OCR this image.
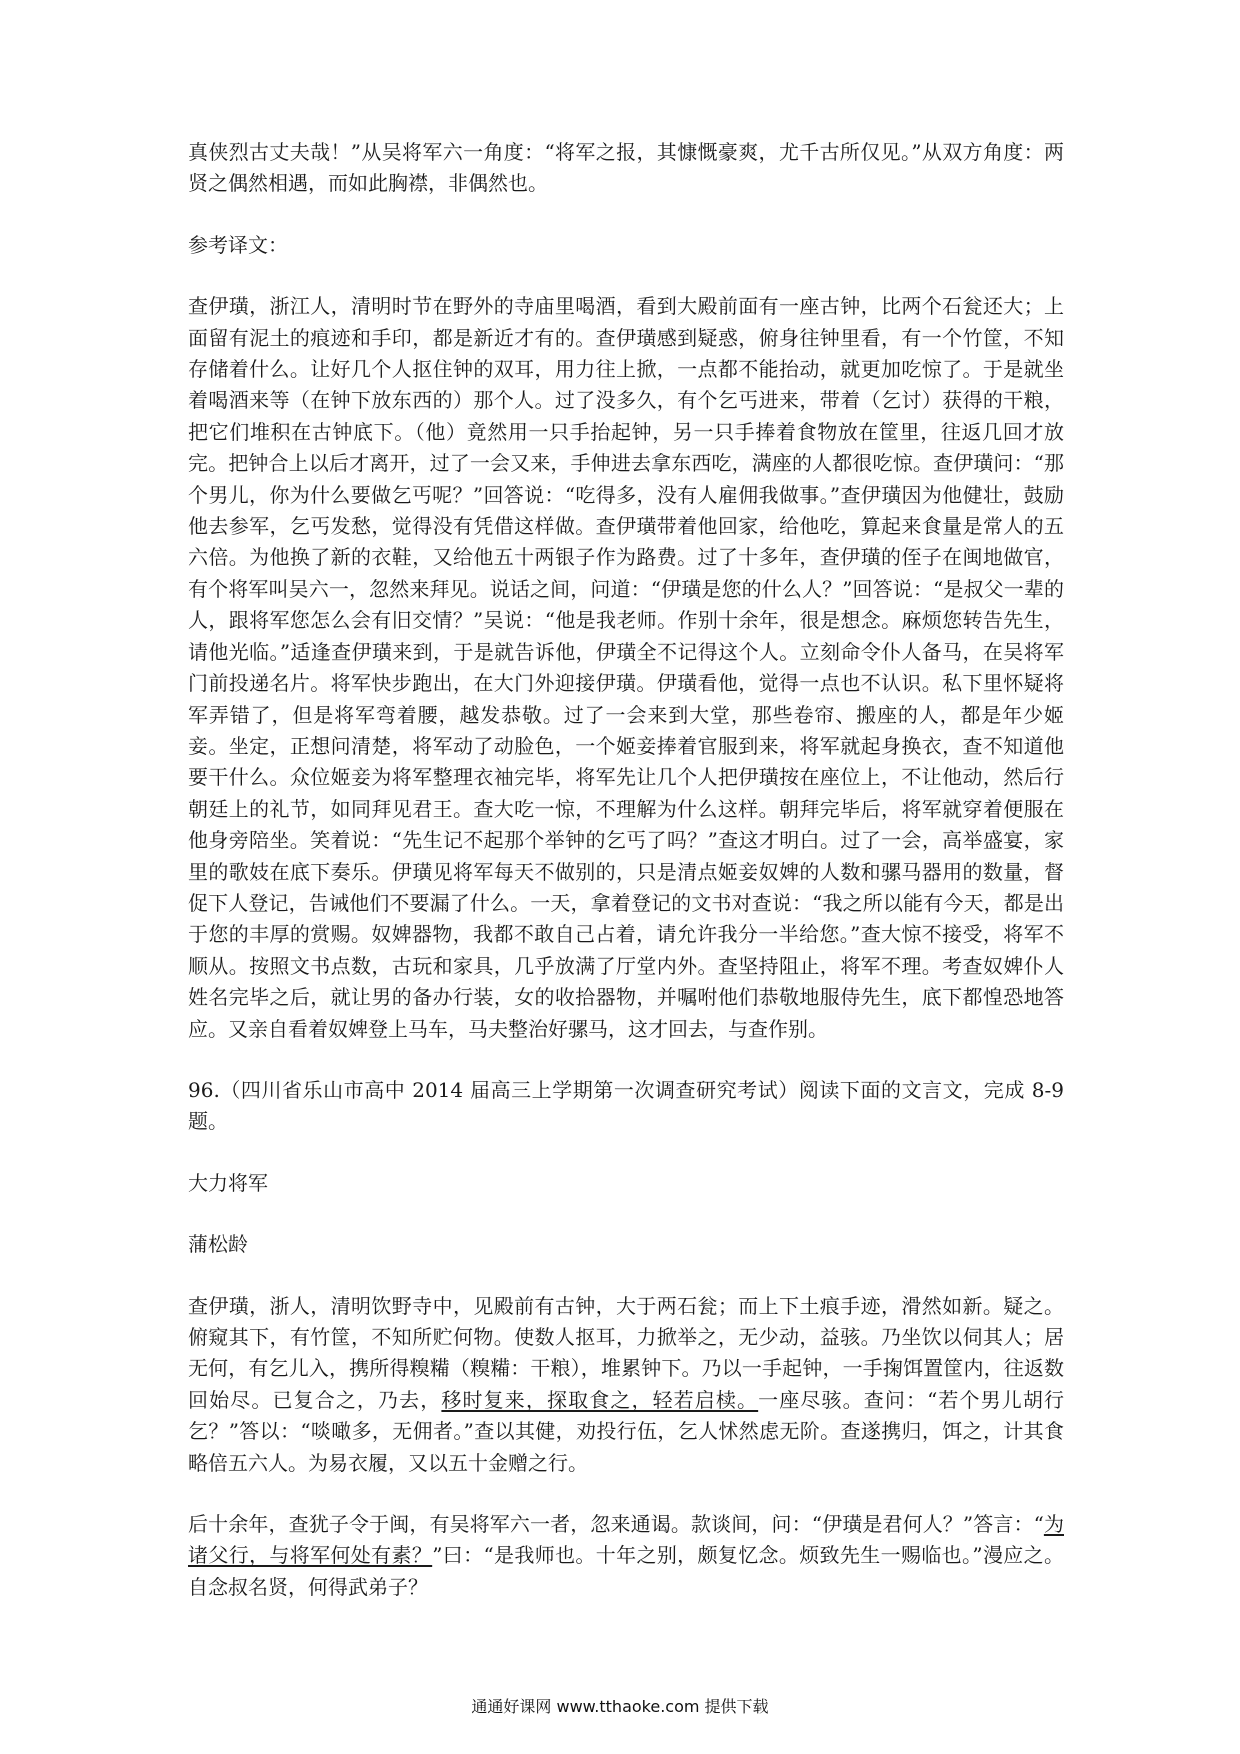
真侠烈古丈夫哉！”从吴将军六一角度：“将军之报，其慷慨豪爽，尤千古所仅见。”从双方角度：两贤之偶然相遇，而如此胸襟，非偶然也。

参考译文：

查伊璜，浙江人，清明时节在野外的寺庙里喝酒，看到大殿前面有一座古钟，比两个石瓮还大；上面留有泥土的痕迹和手印，都是新近才有的。查伊璜感到疑惑，俯身往钟里看，有一个竹筐，不知存储着什么。让好几个人抠住钟的双耳，用力往上掀，一点都不能抬动，就更加吃惊了。于是就坐着喝酒来等（在钟下放东西的）那个人。过了没多久，有个乞丐进来，带着（乞讨）获得的干粮，把它们堆积在古钟底下。（他）竟然用一只手抬起钟，另一只手捧着食物放在筐里，往返几回才放完。把钟合上以后才离开，过了一会又来，手伸进去拿东西吃，满座的人都很吃惊。查伊璜问：“那个男儿，你为什么要做乞丐呢？”回答说：“吃得多，没有人雇佣我做事。”查伊璜因为他健壮，鼓励他去参军，乞丐发愁，觉得没有凭借这样做。查伊璜带着他回家，给他吃，算起来食量是常人的五六倍。为他换了新的衣鞋，又给他五十两银子作为路费。过了十多年，查伊璜的侄子在闽地做官，有个将军叫吴六一，忽然来拜见。说话之间，问道：“伊璜是您的什么人？”回答说：“是叔父一辈的人，跟将军您怎么会有旧交情？”吴说：“他是我老师。作别十余年，很是想念。麻烦您转告先生，请他光临。”适逢查伊璜来到，于是就告诉他，伊璜全不记得这个人。立刻命令仆人备马，在吴将军门前投递名片。将军快步跑出，在大门外迎接伊璜。伊璜看他，觉得一点也不认识。私下里怀疑将军弄错了，但是将军弯着腰，越发恭敬。过了一会来到大堂，那些卷帘、搬座的人，都是年少姬妾。坐定，正想问清楚，将军动了动脸色，一个姬妾捧着官服到来，将军就起身换衣，查不知道他要干什么。众位姬妾为将军整理衣袖完毕，将军先让几个人把伊璜按在座位上，不让他动，然后行朝廷上的礼节，如同拜见君王。查大吃一惊，不理解为什么这样。朝拜完毕后，将军就穿着便服在他身旁陪坐。笑着说：“先生记不起那个举钟的乞丐了吗？”查这才明白。过了一会，高举盛宴，家里的歌妓在底下奏乐。伊璜见将军每天不做别的，只是清点姬妾奴婢的人数和骡马器用的数量，督促下人登记，告诫他们不要漏了什么。一天，拿着登记的文书对查说：“我之所以能有今天，都是出于您的丰厚的赏赐。奴婢器物，我都不敢自己占着，请允许我分一半给您。”查大惊不接受，将军不顺从。按照文书点数，古玩和家具，几乎放满了厅堂内外。查坚持阻止，将军不理。考查奴婢仆人姓名完毕之后，就让男的备办行装，女的收拾器物，并嘱咐他们恭敬地服侍先生，底下都惶恐地答应。又亲自看着奴婢登上马车，马夫整治好骡马，这才回去，与查作别。

96.（四川省乐山市高中 2014 届高三上学期第一次调查研究考试）阅读下面的文言文，完成 8-9 题。

大力将军

蒲松龄

查伊璜，浙人，清明饮野寺中，见殿前有古钟，大于两石瓮；而上下土痕手迹，滑然如新。疑之。俯窥其下，有竹筐，不知所贮何物。使数人抠耳，力掀举之，无少动，益骇。乃坐饮以伺其人；居无何，有乞儿入，携所得糗糒（糗糒：干粮），堆累钟下。乃以一手起钟，一手掬饵置筐内，往返数回始尽。已复合之，乃去，移时复来，探取食之，轻若启椟。一座尽骇。查问：“若个男儿胡行乞？”答以：“啖噉多，无佣者。”查以其健，劝投行伍，乞人怵然虑无阶。查遂携归，饵之，计其食略倍五六人。为易衣履，又以五十金赠之行。

后十余年，查犹子令于闽，有吴将军六一者，忽来通谒。款谈间，问：“伊璜是君何人？”答言：“为诸父行，与将军何处有素？”曰：“是我师也。十年之别，颇复忆念。烦致先生一赐临也。”漫应之。自念叔名贤，何得武弟子？

通通好课网 www.tthaoke.com 提供下载
